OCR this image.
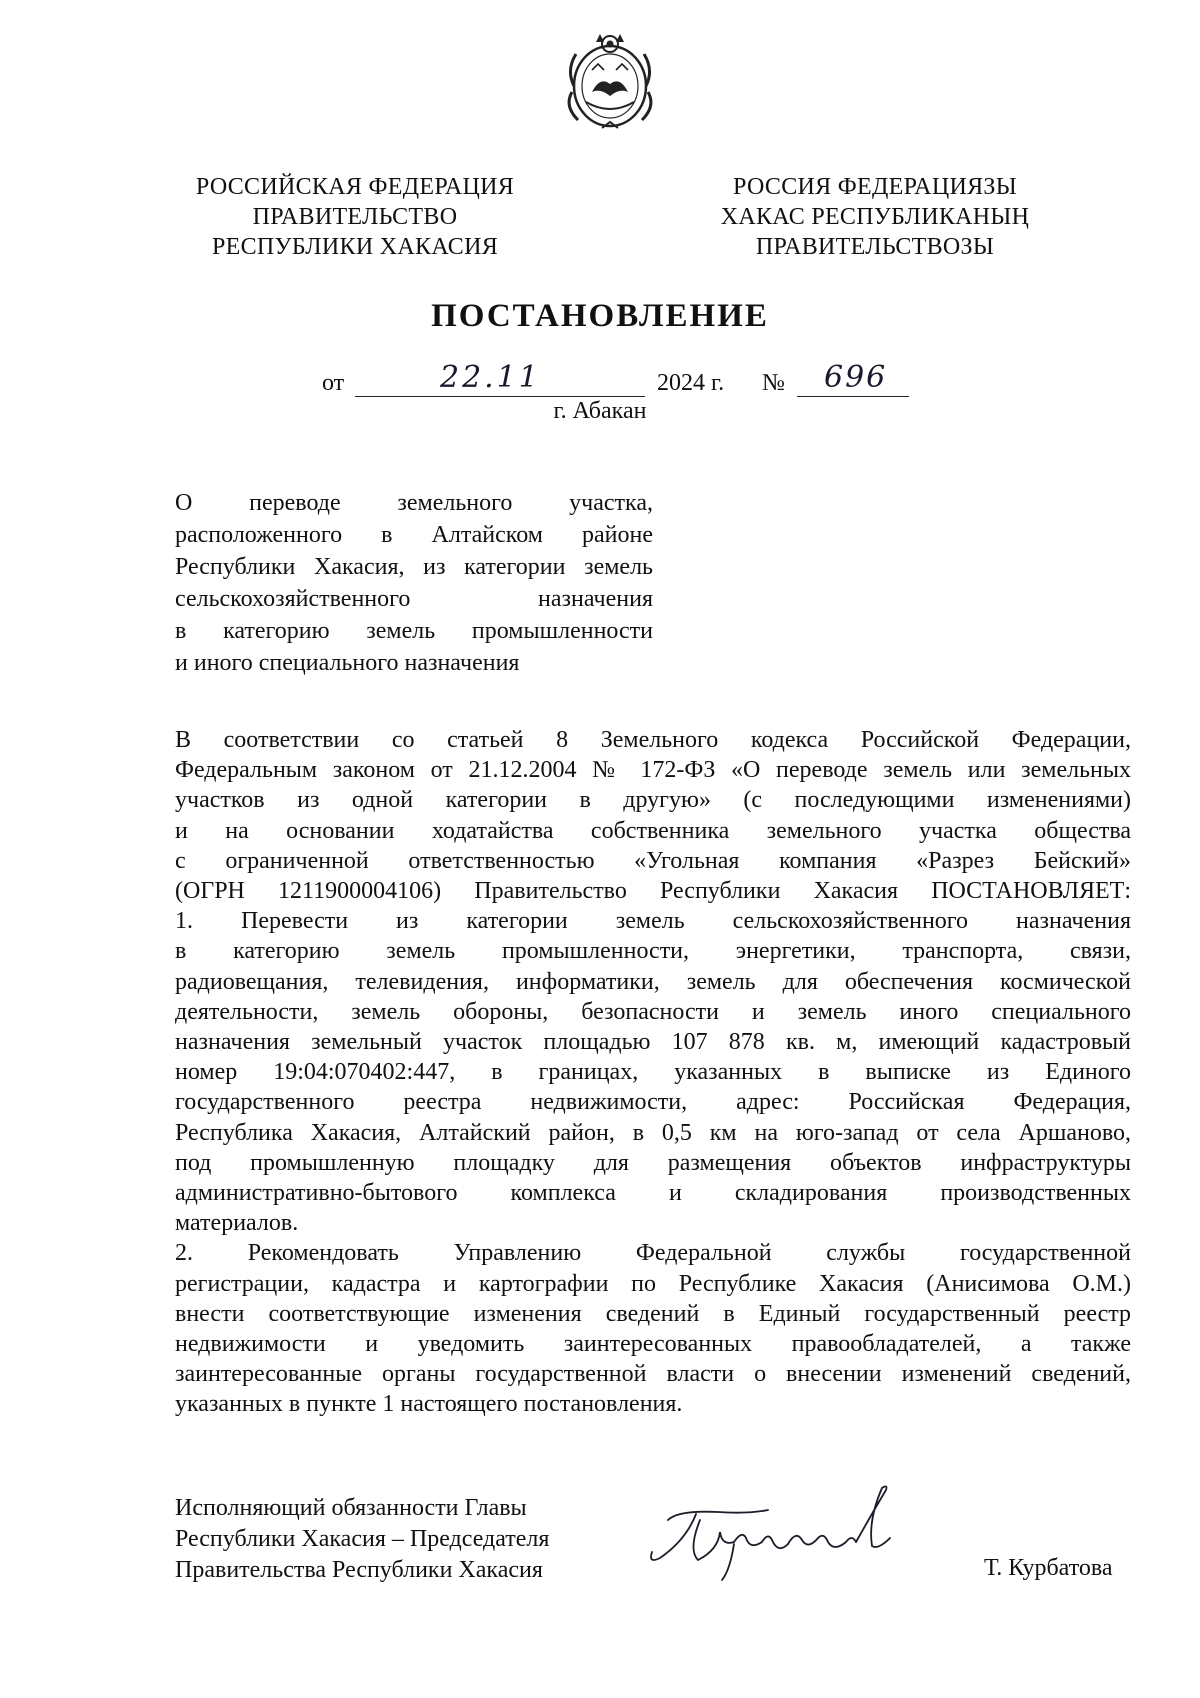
РОССИЙСКАЯ ФЕДЕРАЦИЯ
ПРАВИТЕЛЬСТВО
РЕСПУБЛИКИ ХАКАСИЯ
РОССИЯ ФЕДЕРАЦИЯЗЫ
ХАКАС РЕСПУБЛИКАНЫҢ
ПРАВИТЕЛЬСТВОЗЫ
ПОСТАНОВЛЕНИЕ
от	22.11	2024 г. № 696
г. Абакан
О переводе земельного участка,
расположенного в Алтайском районе
Республики Хакасия, из категории земель
сельскохозяйственного назначения
в категорию земель промышленности
и иного специального назначения
В соответствии со статьей 8 Земельного кодекса Российской Федерации,
Федеральным законом от 21.12.2004 № 172-ФЗ «О переводе земель или земельных
участков из одной категории в другую» (с последующими изменениями)
и на основании ходатайства собственника земельного участка общества
с ограниченной ответственностью «Угольная компания «Разрез Бейский»
(ОГРН 1211900004106) Правительство Республики Хакасия ПОСТАНОВЛЯЕТ:
1. Перевести из категории земель сельскохозяйственного назначения
в категорию земель промышленности, энергетики, транспорта, связи,
радиовещания, телевидения, информатики, земель для обеспечения космической
деятельности, земель обороны, безопасности и земель иного специального
назначения земельный участок площадью 107 878 кв. м, имеющий кадастровый
номер 19:04:070402:447, в границах, указанных в выписке из Единого
государственного реестра недвижимости, адрес: Российская Федерация,
Республика Хакасия, Алтайский район, в 0,5 км на юго-запад от села Аршаново,
под промышленную площадку для размещения объектов инфраструктуры
административно-бытового комплекса и складирования производственных
материалов.
2. Рекомендовать Управлению Федеральной службы государственной
регистрации, кадастра и картографии по Республике Хакасия (Анисимова О.М.)
внести соответствующие изменения сведений в Единый государственный реестр
недвижимости и уведомить заинтересованных правообладателей, а также
заинтересованные органы государственной власти о внесении изменений сведений,
указанных в пункте 1 настоящего постановления.
Исполняющий обязанности Главы
Республики Хакасия – Председателя
Правительства Республики Хакасия	Т. Курбатова
